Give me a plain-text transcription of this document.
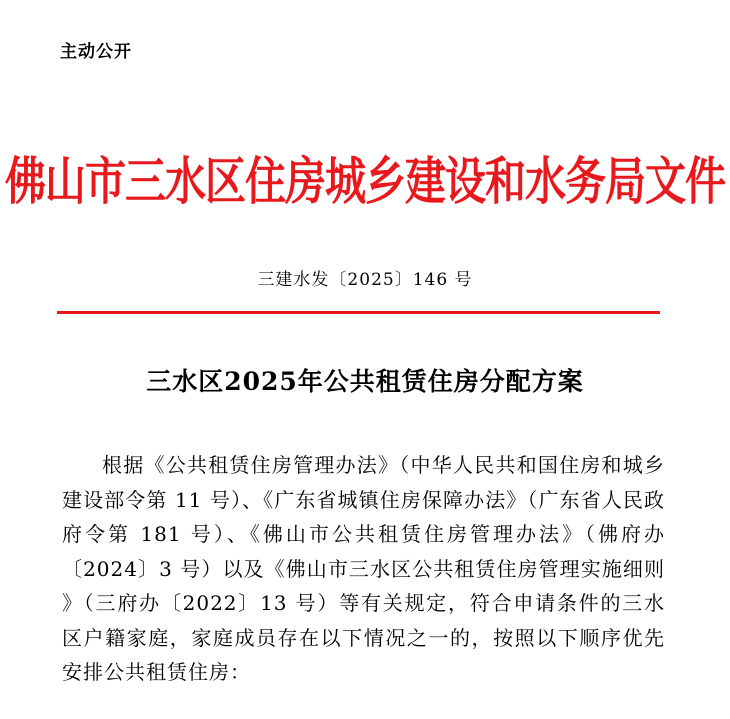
主动公开
佛山市三水区住房城乡建设和水务局文件
三建水发〔2025〕146 号
三水区2025年公共租赁住房分配方案

根据《公共租赁住房管理办法》（中华人民共和国住房和城乡建设部令第 11 号）、《广东省城镇住房保障办法》（广东省人民政府令第 181 号）、《佛山市公共租赁住房管理办法》（佛府办〔2024〕3 号）以及《佛山市三水区公共租赁住房管理实施细则 》（三府办〔2022〕13 号）等有关规定，符合申请条件的三水区户籍家庭，家庭成员存在以下情况之一的，按照以下顺序优先安排公共租赁住房：
